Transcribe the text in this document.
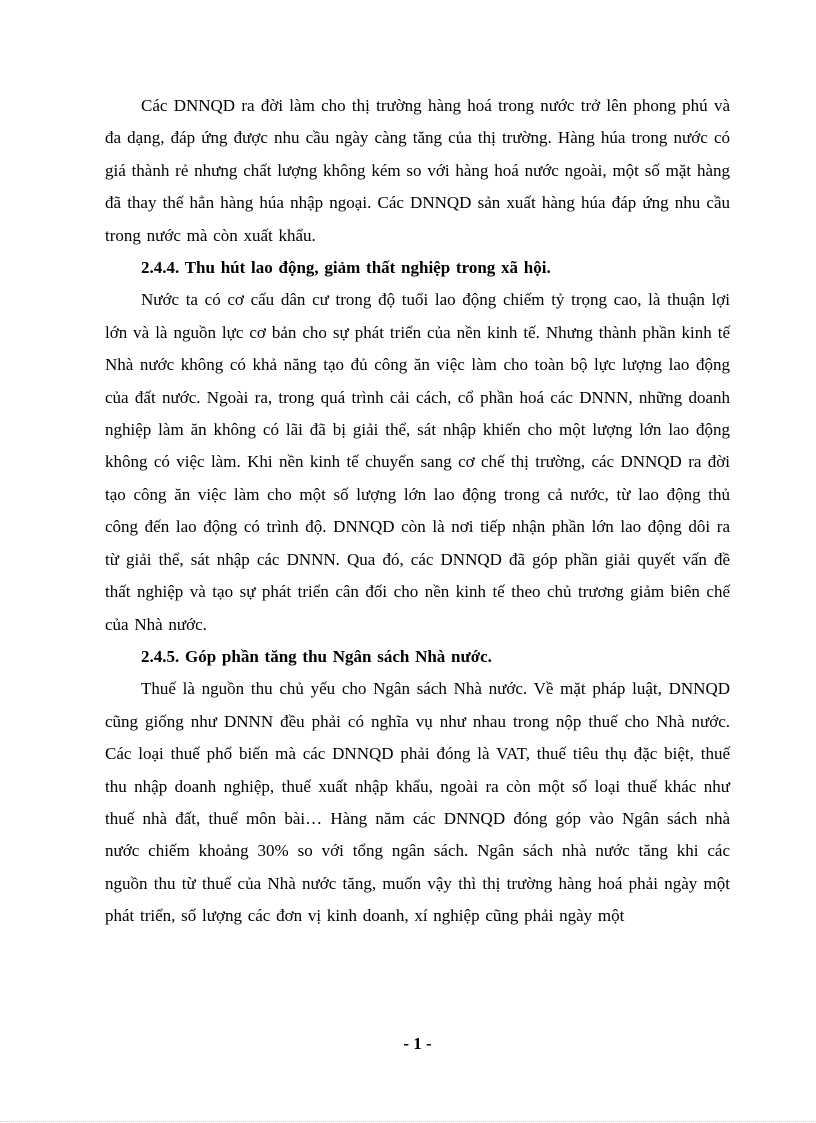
Các DNNQD ra đời làm cho thị trường hàng hoá trong nước trở lên phong phú và đa dạng, đáp ứng được nhu cầu ngày càng tăng của thị trường. Hàng húa trong nước có giá thành rẻ nhưng chất lượng không kém so với hàng hoá nước ngoài, một số mặt hàng đã thay thế hẳn hàng húa nhập ngoại. Các DNNQD sản xuất hàng húa đáp ứng nhu cầu trong nước mà còn xuất khẩu.

2.4.4. Thu hút lao động, giảm thất nghiệp trong xã hội.

Nước ta có cơ cấu dân cư trong độ tuổi lao động chiếm tỷ trọng cao, là thuận lợi lớn và là nguồn lực cơ bản cho sự phát triển của nền kinh tế. Nhưng thành phần kinh tế Nhà nước không có khả năng tạo đủ công ăn việc làm cho toàn bộ lực lượng lao động của đất nước. Ngoài ra, trong quá trình cải cách, cổ phần hoá các DNNN, những doanh nghiệp làm ăn không có lãi đã bị giải thể, sát nhập khiến cho một lượng lớn lao động không có việc làm. Khi nền kinh tế chuyển sang cơ chế thị trường, các DNNQD ra đời tạo công ăn việc làm cho một số lượng lớn lao động trong cả nước, từ lao động thủ công đến lao động có trình độ. DNNQD còn là nơi tiếp nhận phần lớn lao động dôi ra từ giải thể, sát nhập các DNNN. Qua đó, các DNNQD đã góp phần giải quyết vấn đề thất nghiệp và tạo sự phát triển cân đối cho nền kinh tế theo chủ trương giảm biên chế của Nhà nước.

2.4.5. Góp phần tăng thu Ngân sách Nhà nước.

Thuế là nguồn thu chủ yếu cho Ngân sách Nhà nước. Về mặt pháp luật, DNNQD cũng giống như DNNN đều phải có nghĩa vụ như nhau trong nộp thuế cho Nhà nước. Các loại thuế phổ biến mà các DNNQD phải đóng là VAT, thuế tiêu thụ đặc biệt, thuế thu nhập doanh nghiệp, thuế xuất nhập khẩu, ngoài ra còn một số loại thuế khác như thuế nhà đất, thuế môn bài… Hàng năm các DNNQD đóng góp vào Ngân sách nhà nước chiếm khoảng 30% so với tổng ngân sách. Ngân sách nhà nước tăng khi các nguồn thu từ thuế của Nhà nước tăng, muốn vậy thì thị trường hàng hoá phải ngày một phát triển, số lượng các đơn vị kinh doanh, xí nghiệp cũng phải ngày một

- 1 -
